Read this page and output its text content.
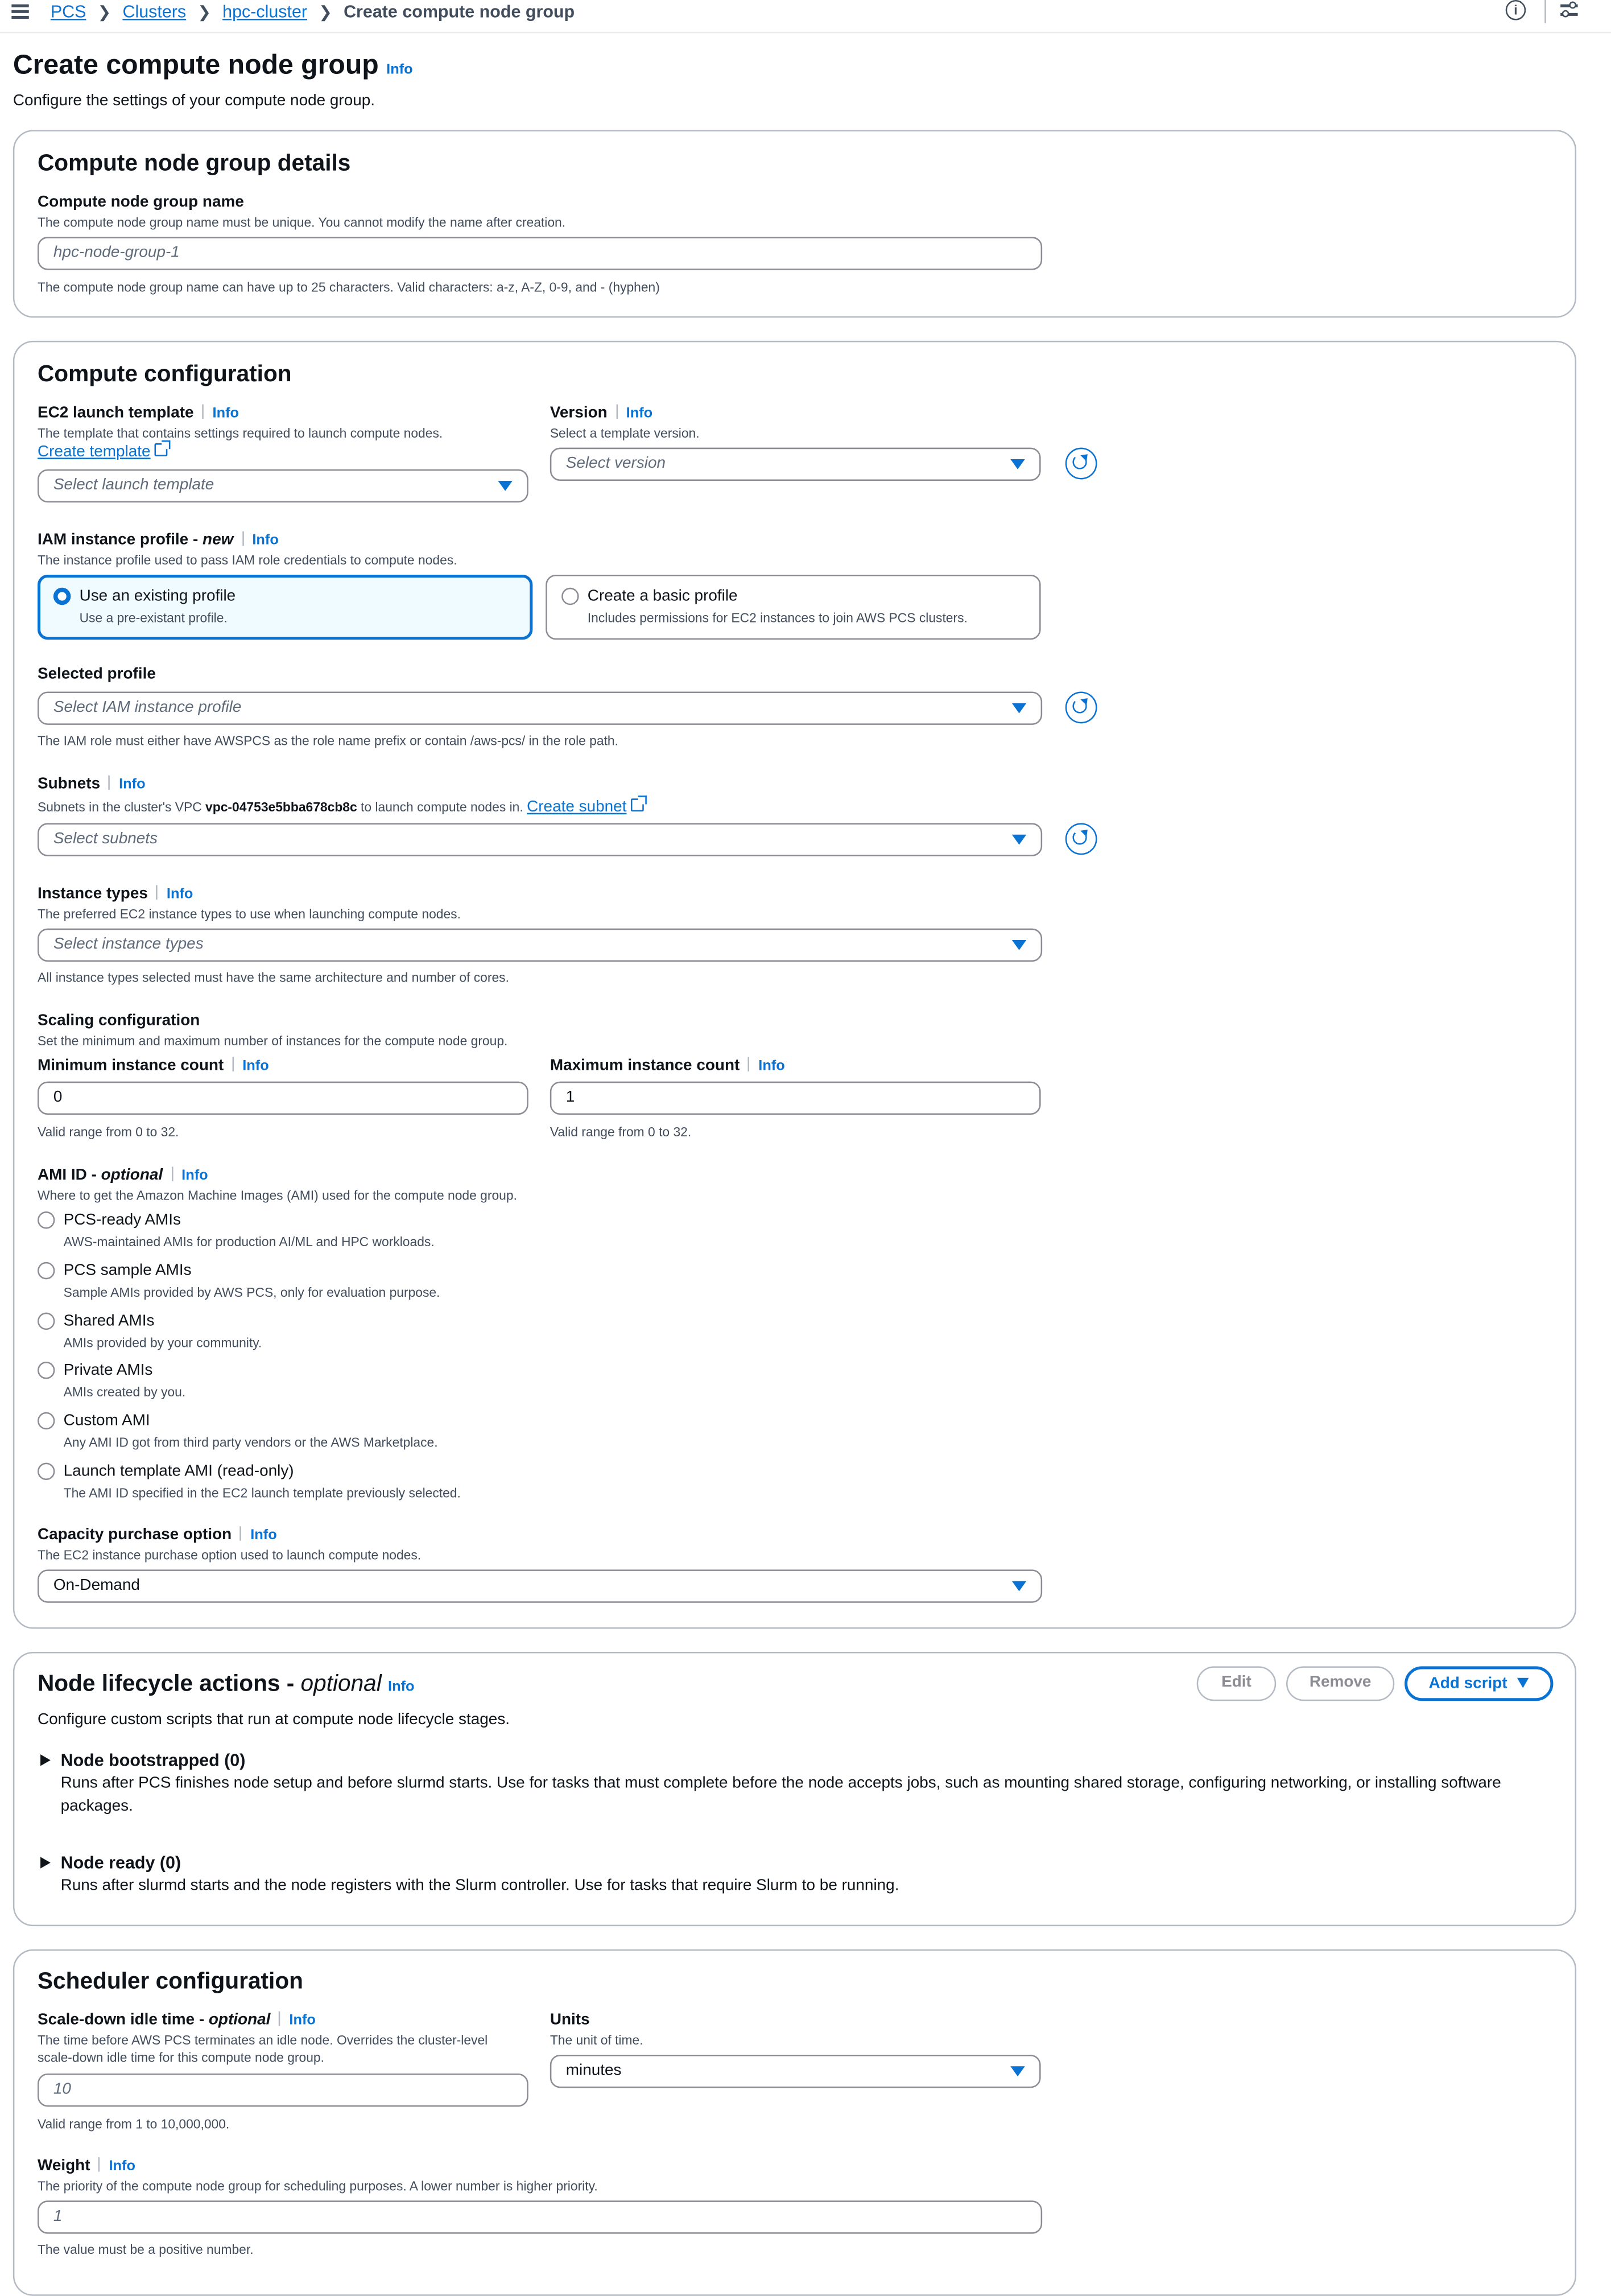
PCS ❯ Clusters ❯ hpc-cluster ❯ Create compute node group	i
Create compute node group Info
Configure the settings of your compute node group.
Compute node group details
Compute node group name
The compute node group name must be unique. You cannot modify the name after creation.
hpc-node-group-1
The compute node group name can have up to 25 characters. Valid characters: a-z, A-Z, 0-9, and - (hyphen)
Compute configuration
EC2 launch template	Info
The template that contains settings required to launch compute nodes.
Create template
Select launch template
Version	Info
Select a template version.
Select version
IAM instance profile - new	Info
The instance profile used to pass IAM role credentials to compute nodes.
Use an existing profile
Use a pre-existant profile.
Create a basic profile
Includes permissions for EC2 instances to join AWS PCS clusters.
Selected profile
Select IAM instance profile
The IAM role must either have AWSPCS as the role name prefix or contain /aws-pcs/ in the role path.
Subnets	Info
Subnets in the cluster's VPC vpc-04753e5bba678cb8c to launch compute nodes in. Create subnet
Select subnets
Instance types	Info
The preferred EC2 instance types to use when launching compute nodes.
Select instance types
All instance types selected must have the same architecture and number of cores.
Scaling configuration
Set the minimum and maximum number of instances for the compute node group.
Minimum instance count	Info
0
Valid range from 0 to 32.
Maximum instance count	Info
1
Valid range from 0 to 32.
AMI ID - optional	Info
Where to get the Amazon Machine Images (AMI) used for the compute node group.
PCS-ready AMIs
AWS-maintained AMIs for production AI/ML and HPC workloads.
PCS sample AMIs
Sample AMIs provided by AWS PCS, only for evaluation purpose.
Shared AMIs
AMIs provided by your community.
Private AMIs
AMIs created by you.
Custom AMI
Any AMI ID got from third party vendors or the AWS Marketplace.
Launch template AMI (read-only)
The AMI ID specified in the EC2 launch template previously selected.
Capacity purchase option	Info
The EC2 instance purchase option used to launch compute nodes.
On-Demand
Node lifecycle actions - optional Info	Edit	Remove	Add script
Configure custom scripts that run at compute node lifecycle stages.
Node bootstrapped (0)
Runs after PCS finishes node setup and before slurmd starts. Use for tasks that must complete before the node accepts jobs, such as mounting shared storage, configuring networking, or installing software
packages.
Node ready (0)
Runs after slurmd starts and the node registers with the Slurm controller. Use for tasks that require Slurm to be running.
Scheduler configuration
Scale-down idle time - optional	Info
The time before AWS PCS terminates an idle node. Overrides the cluster-level
scale-down idle time for this compute node group.
10
Valid range from 1 to 10,000,000.
Units
The unit of time.
minutes
Weight	Info
The priority of the compute node group for scheduling purposes. A lower number is higher priority.
1
The value must be a positive number.
